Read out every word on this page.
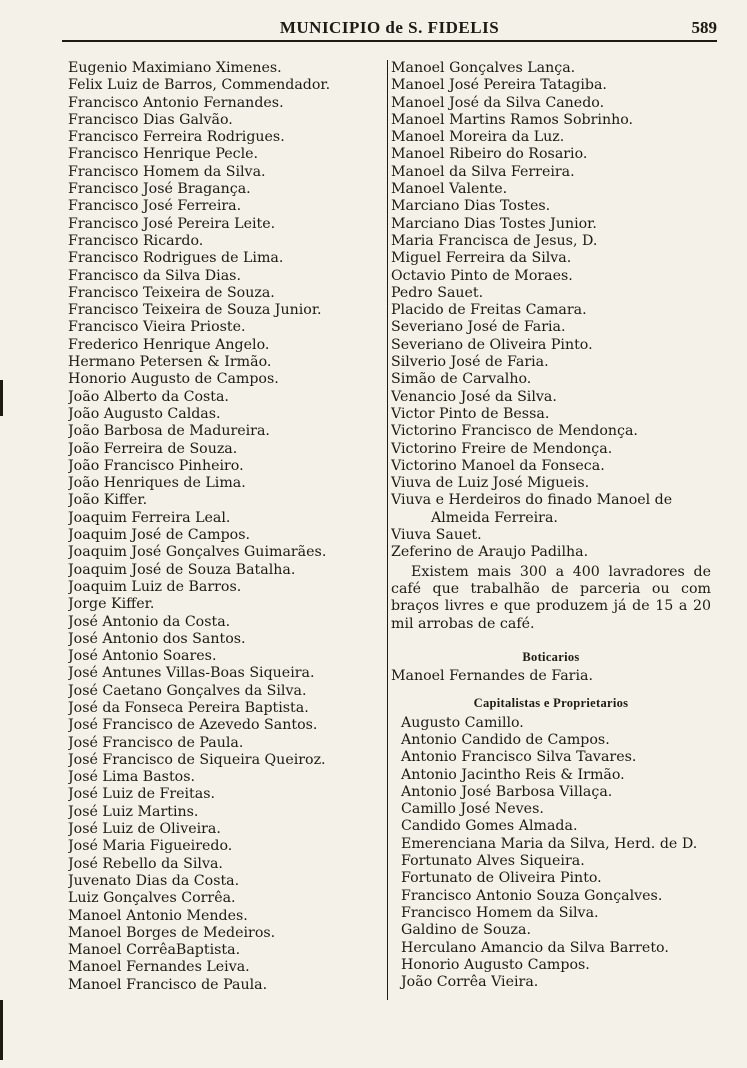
MUNICIPIO de S. FIDELIS	589
Eugenio Maximiano Ximenes.
Felix Luiz de Barros, Commendador.
Francisco Antonio Fernandes.
Francisco Dias Galvão.
Francisco Ferreira Rodrigues.
Francisco Henrique Pecle.
Francisco Homem da Silva.
Francisco José Bragança.
Francisco José Ferreira.
Francisco José Pereira Leite.
Francisco Ricardo.
Francisco Rodrigues de Lima.
Francisco da Silva Dias.
Francisco Teixeira de Souza.
Francisco Teixeira de Souza Junior.
Francisco Vieira Prioste.
Frederico Henrique Angelo.
Hermano Petersen & Irmão.
Honorio Augusto de Campos.
João Alberto da Costa.
João Augusto Caldas.
João Barbosa de Madureira.
João Ferreira de Souza.
João Francisco Pinheiro.
João Henriques de Lima.
João Kiffer.
Joaquim Ferreira Leal.
Joaquim José de Campos.
Joaquim José Gonçalves Guimarães.
Joaquim José de Souza Batalha.
Joaquim Luiz de Barros.
Jorge Kiffer.
José Antonio da Costa.
José Antonio dos Santos.
José Antonio Soares.
José Antunes Villas-Boas Siqueira.
José Caetano Gonçalves da Silva.
José da Fonseca Pereira Baptista.
José Francisco de Azevedo Santos.
José Francisco de Paula.
José Francisco de Siqueira Queiroz.
José Lima Bastos.
José Luiz de Freitas.
José Luiz Martins.
José Luiz de Oliveira.
José Maria Figueiredo.
José Rebello da Silva.
Juvenato Dias da Costa.
Luiz Gonçalves Corrêa.
Manoel Antonio Mendes.
Manoel Borges de Medeiros.
Manoel CorrêaBaptista.
Manoel Fernandes Leiva.
Manoel Francisco de Paula.
Manoel Gonçalves Lança.
Manoel José Pereira Tatagiba.
Manoel José da Silva Canedo.
Manoel Martins Ramos Sobrinho.
Manoel Moreira da Luz.
Manoel Ribeiro do Rosario.
Manoel da Silva Ferreira.
Manoel Valente.
Marciano Dias Tostes.
Marciano Dias Tostes Junior.
Maria Francisca de Jesus, D.
Miguel Ferreira da Silva.
Octavio Pinto de Moraes.
Pedro Sauet.
Placido de Freitas Camara.
Severiano José de Faria.
Severiano de Oliveira Pinto.
Silverio José de Faria.
Simão de Carvalho.
Venancio José da Silva.
Victor Pinto de Bessa.
Victorino Francisco de Mendonça.
Victorino Freire de Mendonça.
Victorino Manoel da Fonseca.
Viuva de Luiz José Migueis.
Viuva e Herdeiros do finado Manoel de
Almeida Ferreira.
Viuva Sauet.
Zeferino de Araujo Padilha.

Existem mais 300 a 400 lavradores de café que trabalhão de parceria ou com braços livres e que produzem já de 15 a 20 mil arrobas de café.

Boticarios
Manoel Fernandes de Faria.
Capitalistas e Proprietarios
Augusto Camillo.
Antonio Candido de Campos.
Antonio Francisco Silva Tavares.
Antonio Jacintho Reis & Irmão.
Antonio José Barbosa Villaça.
Camillo José Neves.
Candido Gomes Almada.
Emerenciana Maria da Silva, Herd. de D.
Fortunato Alves Siqueira.
Fortunato de Oliveira Pinto.
Francisco Antonio Souza Gonçalves.
Francisco Homem da Silva.
Galdino de Souza.
Herculano Amancio da Silva Barreto.
Honorio Augusto Campos.
João Corrêa Vieira.
